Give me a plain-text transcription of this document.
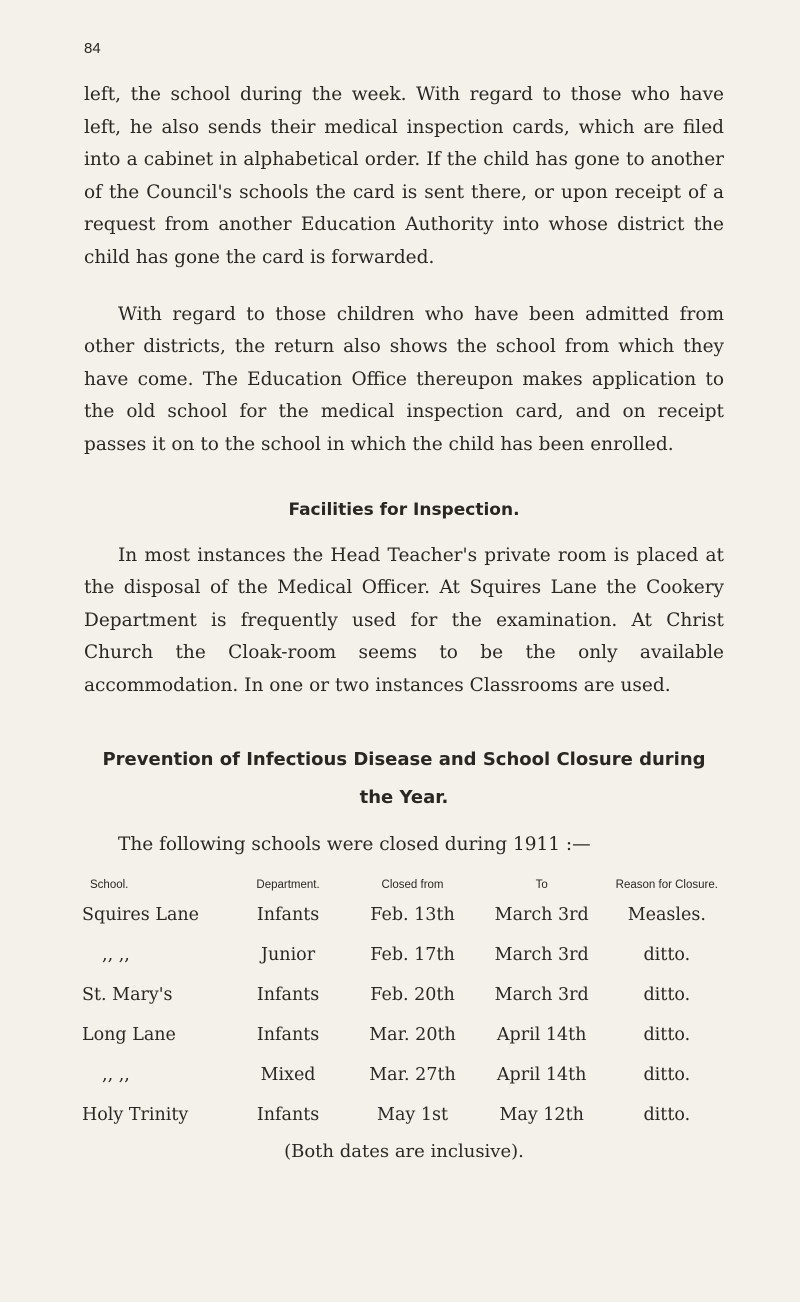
84

left, the school during the week. With regard to those who have left, he also sends their medical inspection cards, which are filed into a cabinet in alphabetical order. If the child has gone to another of the Council's schools the card is sent there, or upon receipt of a request from another Education Authority into whose district the child has gone the card is forwarded.

With regard to those children who have been admitted from other districts, the return also shows the school from which they have come. The Education Office thereupon makes application to the old school for the medical inspection card, and on receipt passes it on to the school in which the child has been enrolled.

Facilities for Inspection.

In most instances the Head Teacher's private room is placed at the disposal of the Medical Officer. At Squires Lane the Cookery Department is frequently used for the examination. At Christ Church the Cloak-room seems to be the only available accommodation. In one or two instances Classrooms are used.

Prevention of Infectious Disease and School Closure during the Year.

The following schools were closed during 1911 :—

School.	Department.	Closed from	To	Reason for Closure.
Squires Lane	Infants	Feb. 13th	March 3rd	Measles.
,, ,,	Junior	Feb. 17th	March 3rd	ditto.
St. Mary's	Infants	Feb. 20th	March 3rd	ditto.
Long Lane	Infants	Mar. 20th	April 14th	ditto.
,, ,,	Mixed	Mar. 27th	April 14th	ditto.
Holy Trinity	Infants	May 1st	May 12th	ditto.
(Both dates are inclusive).
